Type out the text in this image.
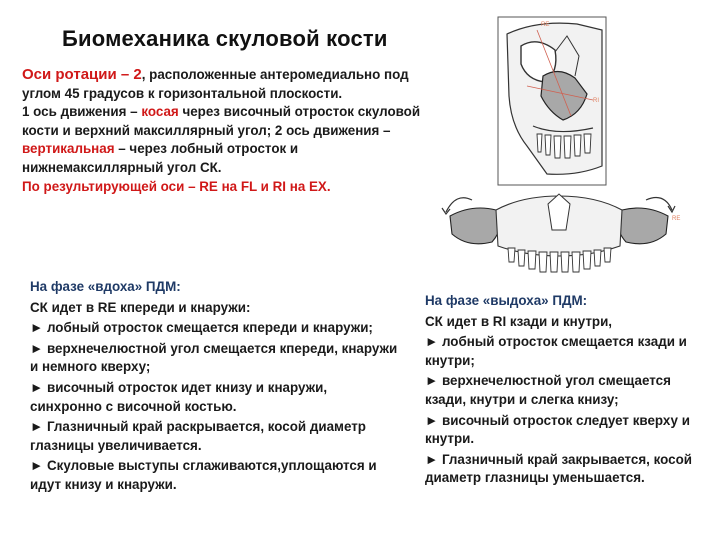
Биомеханика скуловой кости

Оси ротации – 2, расположенные антеромедиально под углом 45 градусов к горизонтальной плоскости.

1 ось движения – косая через височный отросток скуловой кости и верхний максиллярный угол; 2 ось движения – вертикальная – через лобный отросток и нижнемаксиллярный угол СК.

По результирующей оси – RE на FL и RI на EX.

На фазе «вдоха» ПДМ:

СК идет в RE кпереди и кнаружи:

► лобный отросток смещается кпереди и кнаружи;

► верхнечелюстной угол смещается кпереди, кнаружи и немного кверху;

► височный отросток идет книзу и кнаружи, синхронно с височной костью.

► Глазничный край раскрывается, косой диаметр глазницы увеличивается.

► Скуловые выступы сглаживаются,уплощаются и идут книзу и кнаружи.

На фазе «выдоха» ПДМ:

СК идет в RI кзади и кнутри,

► лобный отросток смещается кзади и кнутри;

► верхнечелюстной угол смещается кзади, кнутри и слегка книзу;

► височный отросток следует кверху и кнутри.

► Глазничный край закрывается, косой диаметр глазницы уменьшается.

RE
RI
RE
